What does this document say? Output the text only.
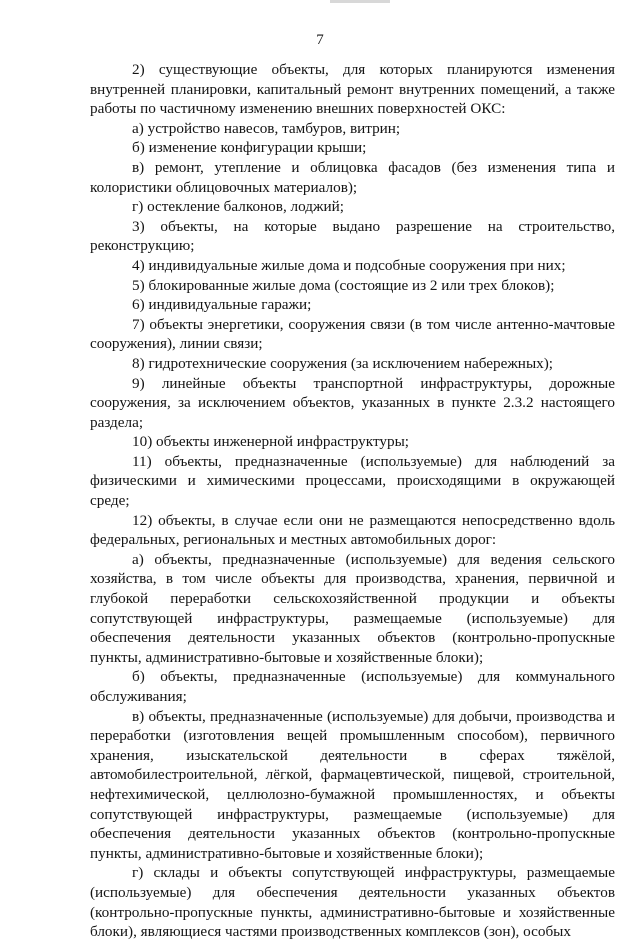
7

2) существующие объекты, для которых планируются изменения внутренней планировки, капитальный ремонт внутренних помещений, а также работы по частичному изменению внешних поверхностей ОКС:

а) устройство навесов, тамбуров, витрин;

б) изменение конфигурации крыши;

в) ремонт, утепление и облицовка фасадов (без изменения типа и колористики облицовочных материалов);

г) остекление балконов, лоджий;

3) объекты, на которые выдано разрешение на строительство, реконструкцию;

4) индивидуальные жилые дома и подсобные сооружения при них;

5) блокированные жилые дома (состоящие из 2 или трех блоков);

6) индивидуальные гаражи;

7) объекты энергетики, сооружения связи (в том числе антенно-мачтовые сооружения), линии связи;

8) гидротехнические сооружения (за исключением набережных);

9) линейные объекты транспортной инфраструктуры, дорожные сооружения, за исключением объектов, указанных в пункте 2.3.2 настоящего раздела;

10) объекты инженерной инфраструктуры;

11) объекты, предназначенные (используемые) для наблюдений за физическими и химическими процессами, происходящими в окружающей среде;

12) объекты, в случае если они не размещаются непосредственно вдоль федеральных, региональных и местных автомобильных дорог:

а) объекты, предназначенные (используемые) для ведения сельского хозяйства, в том числе объекты для производства, хранения, первичной и глубокой переработки сельскохозяйственной продукции и объекты сопутствующей инфраструктуры, размещаемые (используемые) для обеспечения деятельности указанных объектов (контрольно-пропускные пункты, административно-бытовые и хозяйственные блоки);

б) объекты, предназначенные (используемые) для коммунального обслуживания;

в) объекты, предназначенные (используемые) для добычи, производства и переработки (изготовления вещей промышленным способом), первичного хранения, изыскательской деятельности в сферах тяжёлой, автомобилестроительной, лёгкой, фармацевтической, пищевой, строительной, нефтехимической, целлюлозно-бумажной промышленностях, и объекты сопутствующей инфраструктуры, размещаемые (используемые) для обеспечения деятельности указанных объектов (контрольно-пропускные пункты, административно-бытовые и хозяйственные блоки);

г) склады и объекты сопутствующей инфраструктуры, размещаемые (используемые) для обеспечения деятельности указанных объектов (контрольно-пропускные пункты, административно-бытовые и хозяйственные блоки), являющиеся частями производственных комплексов (зон), особых
